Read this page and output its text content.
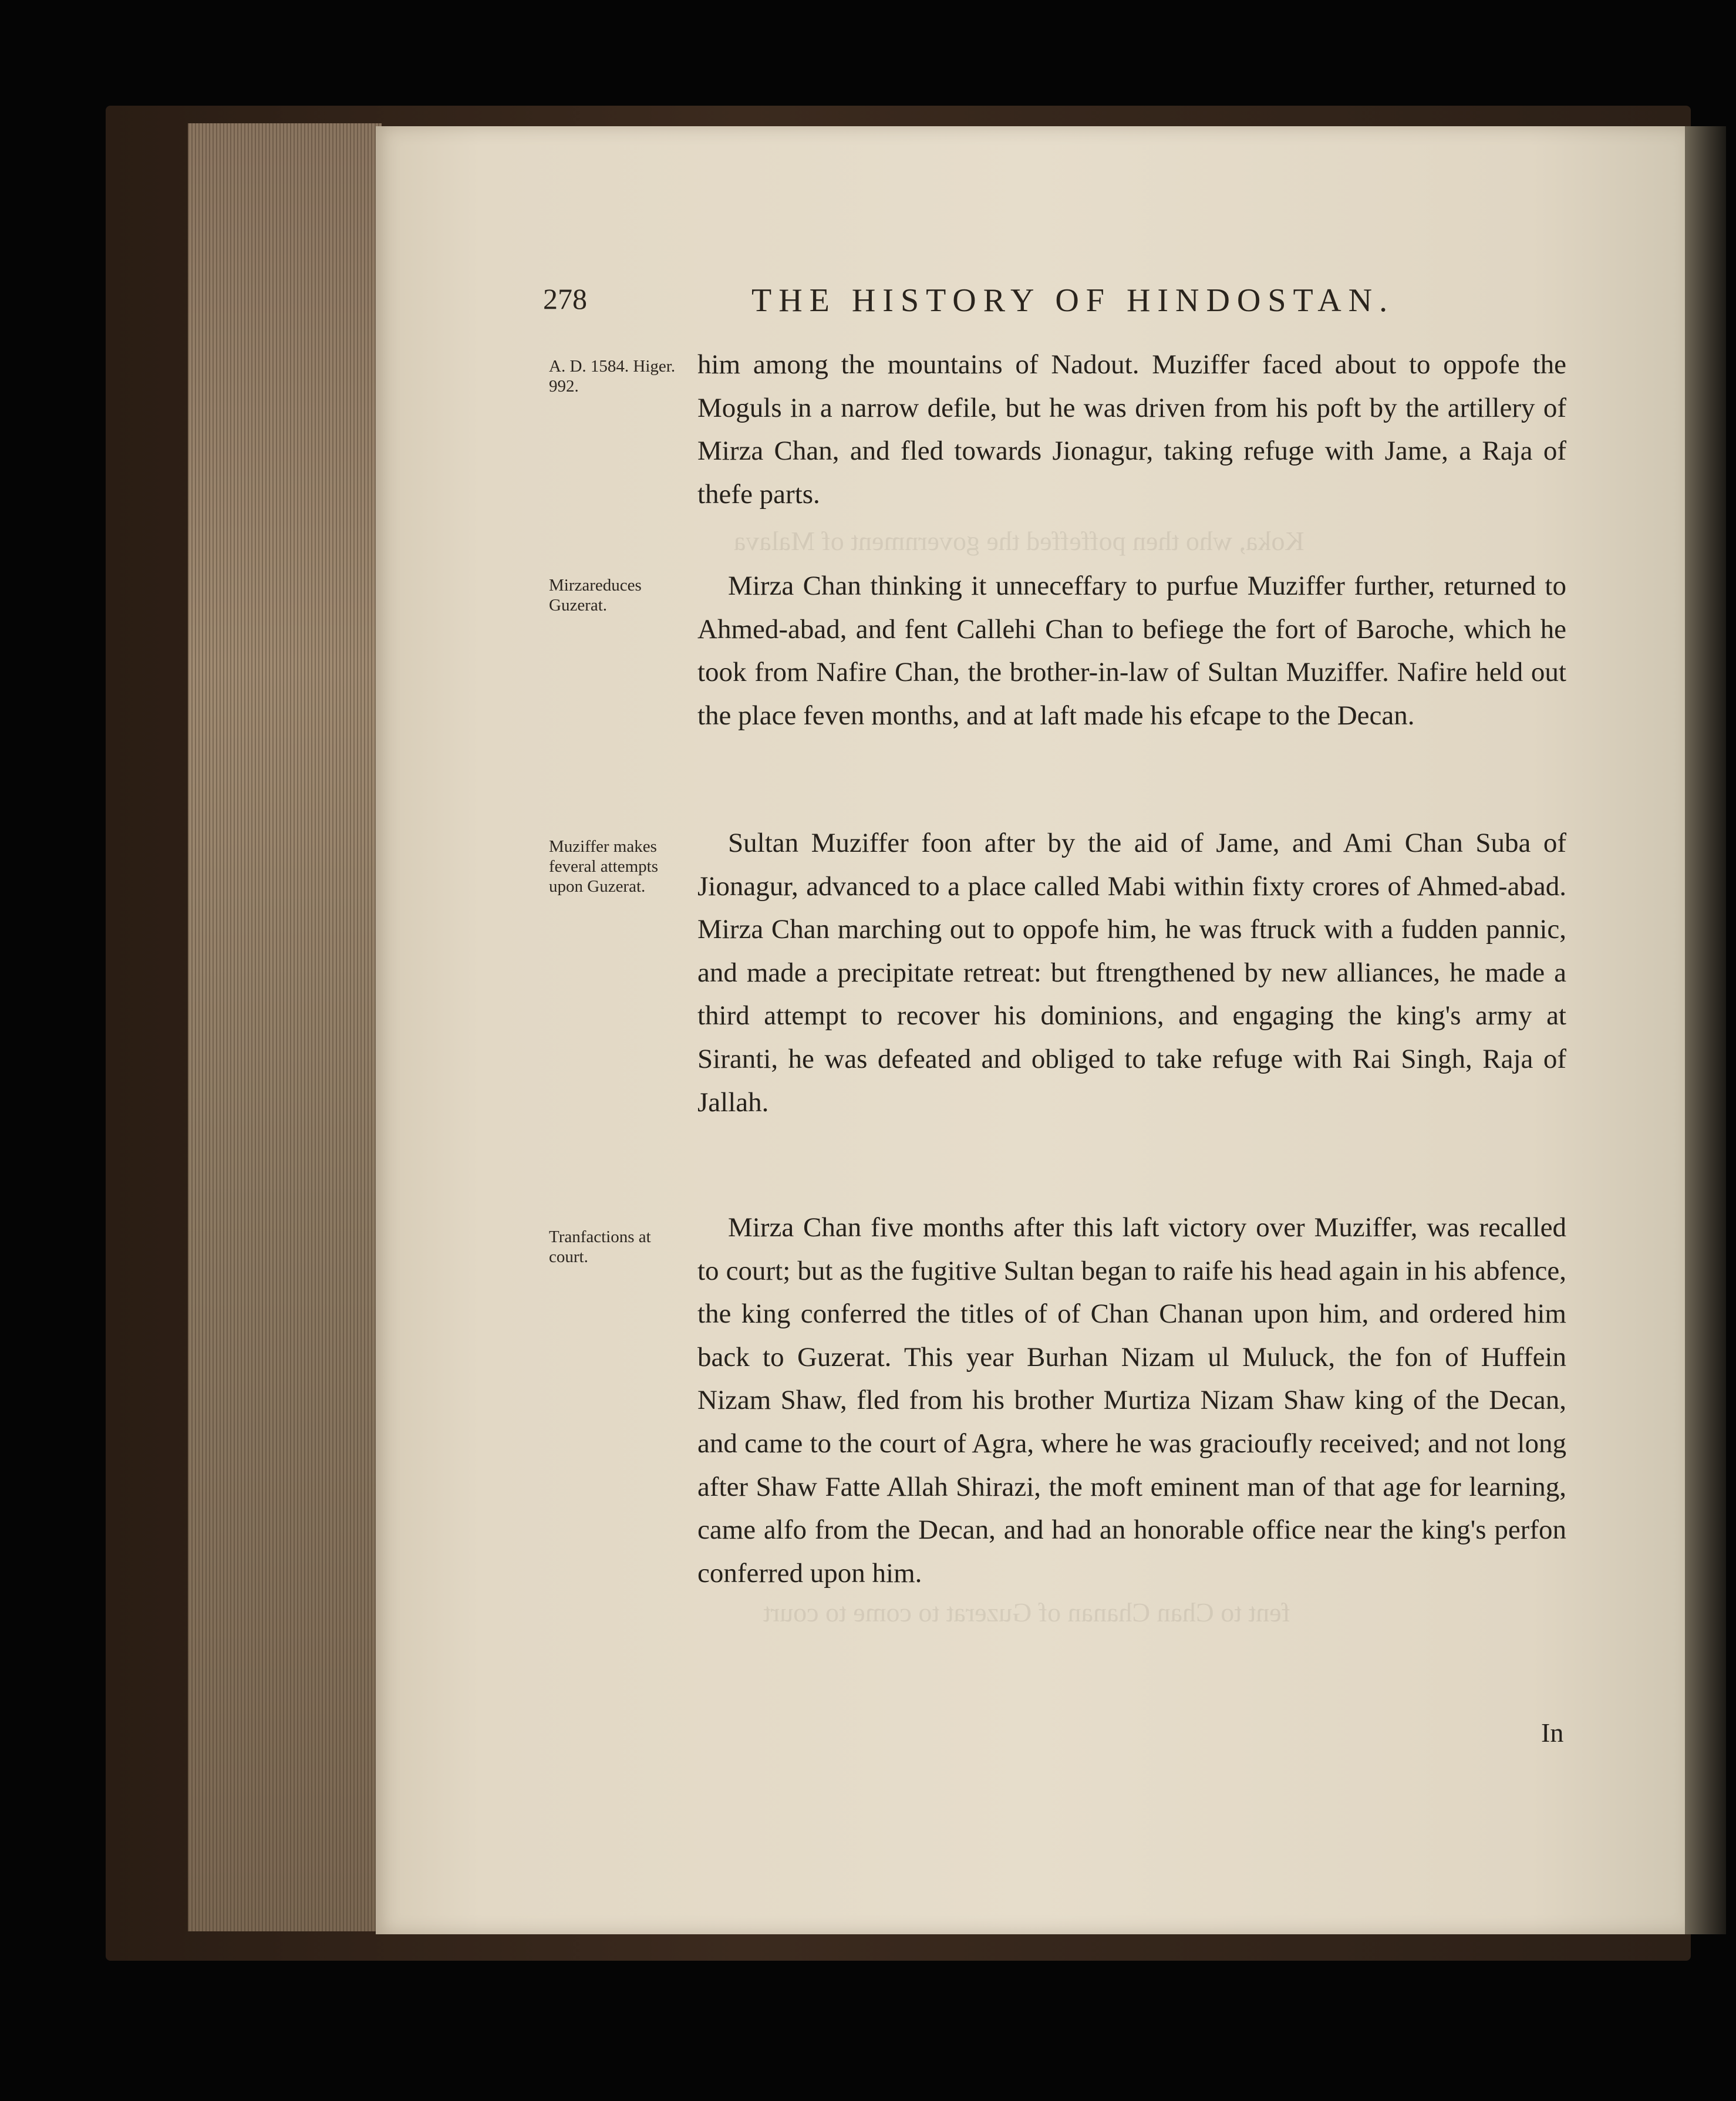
Koka, who then poffeffed the government of Malava
fent to Chan Chanan of Guzerat to come to court
278	THE HISTORY OF HINDOSTAN.
A. D. 1584. Higer. 992.
Mirzareduces Guzerat.
Muziffer makes feveral attempts upon Guzerat.
Tranfactions at court.

him among the mountains of Nadout. Muziffer faced about to oppofe the Moguls in a narrow defile, but he was driven from his poft by the artillery of Mirza Chan, and fled towards Jionagur, taking refuge with Jame, a Raja of thefe parts.

Mirza Chan thinking it unneceffary to purfue Muziffer further, returned to Ahmed-abad, and fent Callehi Chan to befiege the fort of Baroche, which he took from Nafire Chan, the brother-in-law of Sultan Muziffer. Nafire held out the place feven months, and at laft made his efcape to the Decan.

Sultan Muziffer foon after by the aid of Jame, and Ami Chan Suba of Jionagur, advanced to a place called Mabi within fixty crores of Ahmed-abad. Mirza Chan marching out to oppofe him, he was ftruck with a fudden pannic, and made a precipitate retreat: but ftrengthened by new alliances, he made a third attempt to recover his dominions, and engaging the king's army at Siranti, he was defeated and obliged to take refuge with Rai Singh, Raja of Jallah.

Mirza Chan five months after this laft victory over Muziffer, was recalled to court; but as the fugitive Sultan began to raife his head again in his abfence, the king conferred the titles of of Chan Chanan upon him, and ordered him back to Guzerat. This year Burhan Nizam ul Muluck, the fon of Huffein Nizam Shaw, fled from his brother Murtiza Nizam Shaw king of the Decan, and came to the court of Agra, where he was gracioufly received; and not long after Shaw Fatte Allah Shirazi, the moft eminent man of that age for learning, came alfo from the Decan, and had an honorable office near the king's perfon conferred upon him.

In
